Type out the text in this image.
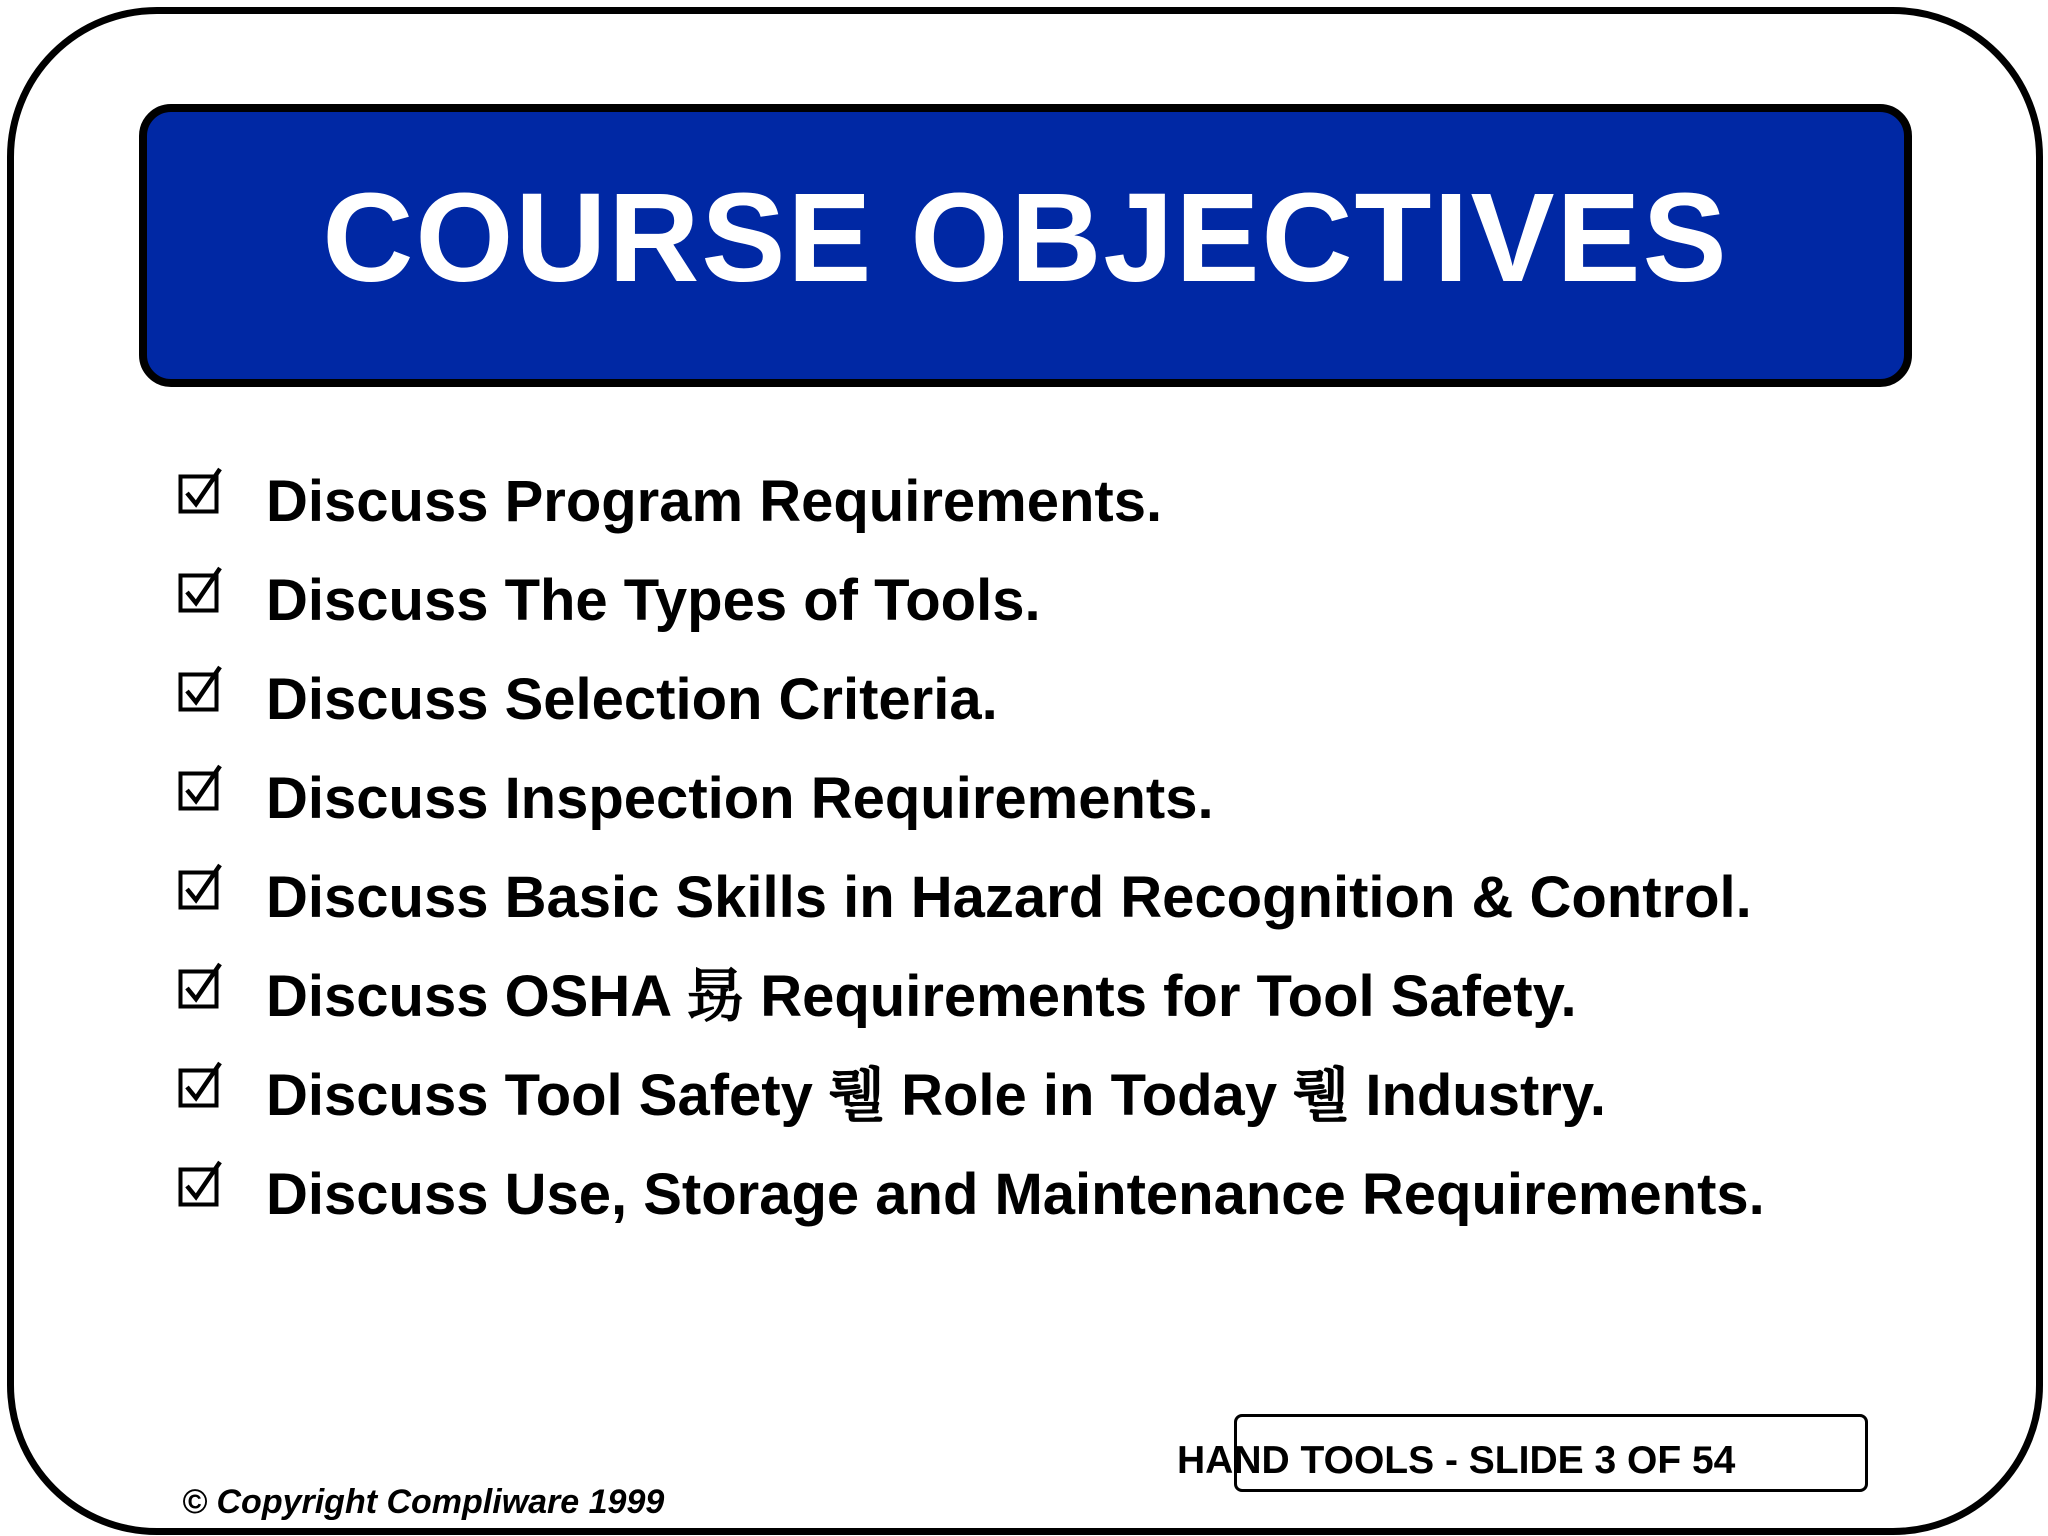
COURSE OBJECTIVES
Discuss Program Requirements.
Discuss The Types of Tools.
Discuss Selection Criteria.
Discuss Inspection Requirements.
Discuss Basic Skills in Hazard Recognition & Control.
Discuss OSHA 昮 Requirements for Tool Safety.
Discuss Tool Safety 뤨 Role in Today 뤨 Industry.
Discuss Use, Storage and Maintenance Requirements.
HAND TOOLS - SLIDE 3 OF 54
© Copyright Compliware 1999
